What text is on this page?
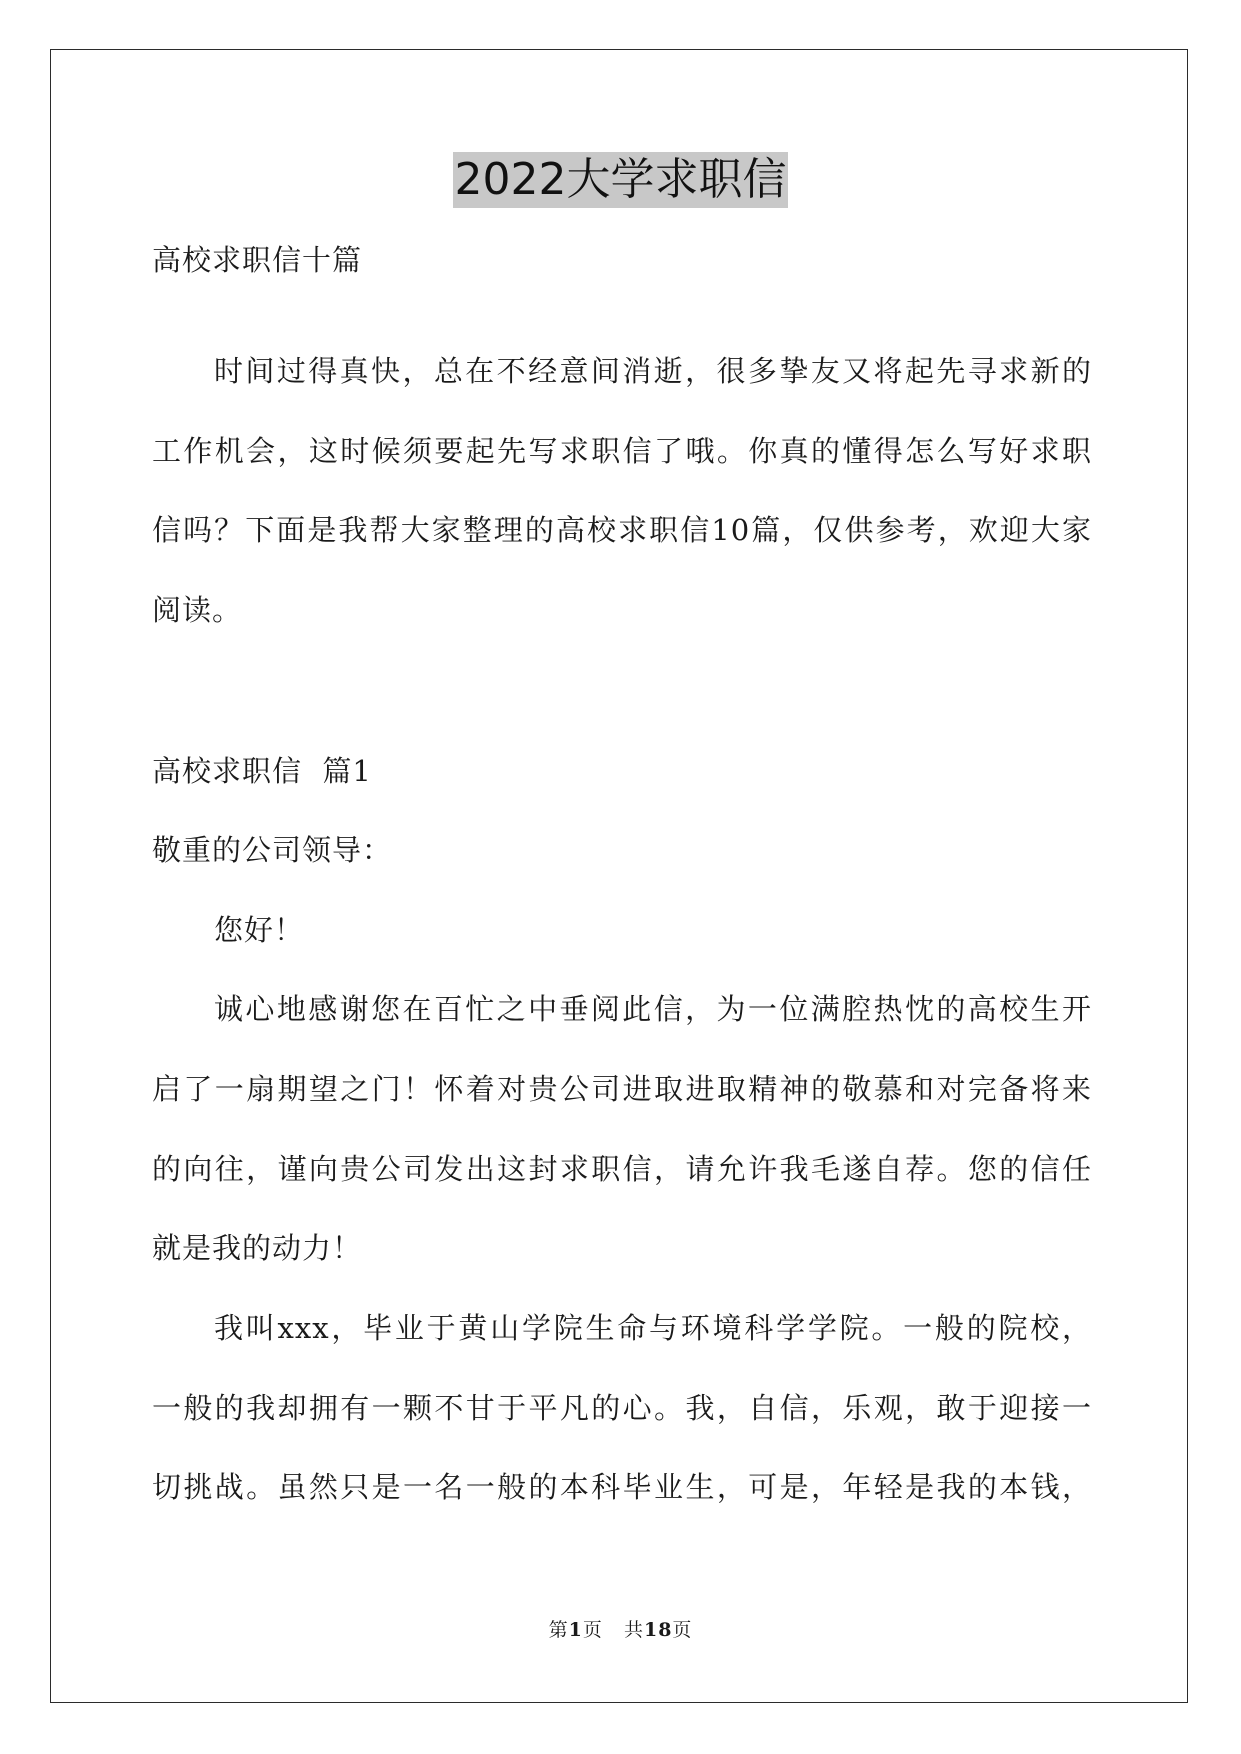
2022大学求职信
高校求职信十篇
时间过得真快，总在不经意间消逝，很多挚友又将起先寻求新的
工作机会，这时候须要起先写求职信了哦。你真的懂得怎么写好求职
信吗？下面是我帮大家整理的高校求职信10篇，仅供参考，欢迎大家
阅读。
高校求职信  篇1
敬重的公司领导：
您好！
诚心地感谢您在百忙之中垂阅此信，为一位满腔热忱的高校生开
启了一扇期望之门！怀着对贵公司进取进取精神的敬慕和对完备将来
的向往，谨向贵公司发出这封求职信，请允许我毛遂自荐。您的信任
就是我的动力！
我叫xxx，毕业于黄山学院生命与环境科学学院。一般的院校，
一般的我却拥有一颗不甘于平凡的心。我，自信，乐观，敢于迎接一
切挑战。虽然只是一名一般的本科毕业生，可是，年轻是我的本钱，
第1页 共18页
